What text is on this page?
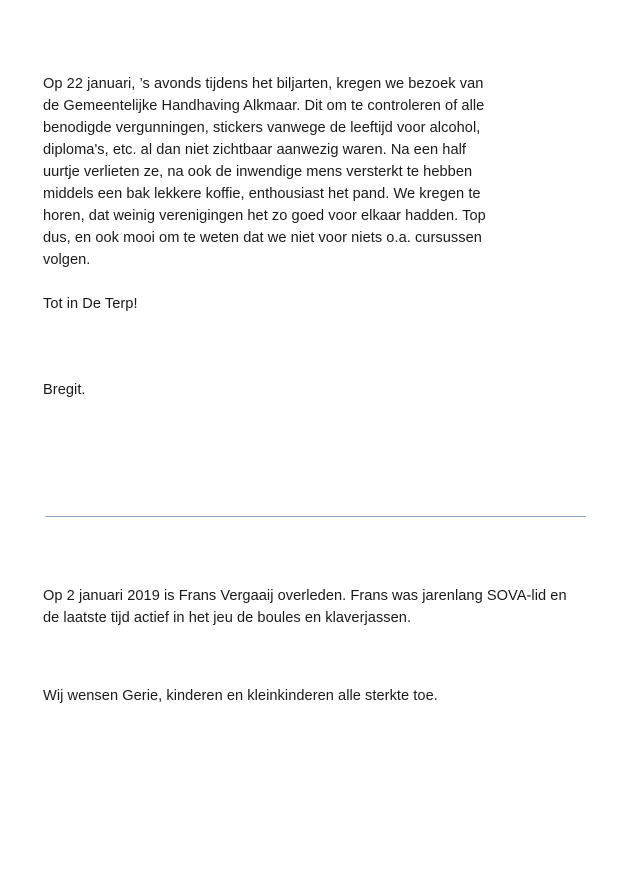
Op 22 januari, ’s avonds tijdens het biljarten, kregen we bezoek van
de Gemeentelijke Handhaving Alkmaar. Dit om te controleren of alle
benodigde vergunningen, stickers vanwege de leeftijd voor alcohol,
diploma's, etc. al dan niet zichtbaar aanwezig waren. Na een half
uurtje verlieten ze, na ook de inwendige mens versterkt te hebben
middels een bak lekkere koffie, enthousiast het pand. We kregen te
horen, dat weinig verenigingen het zo goed voor elkaar hadden. Top
dus, en ook mooi om te weten dat we niet voor niets o.a. cursussen
volgen.

Tot in De Terp!

Bregit.

Op 2 januari 2019 is Frans Vergaaij overleden. Frans was jarenlang SOVA-lid en
de laatste tijd actief in het jeu de boules en klaverjassen.

Wij wensen Gerie, kinderen en kleinkinderen alle sterkte toe.
